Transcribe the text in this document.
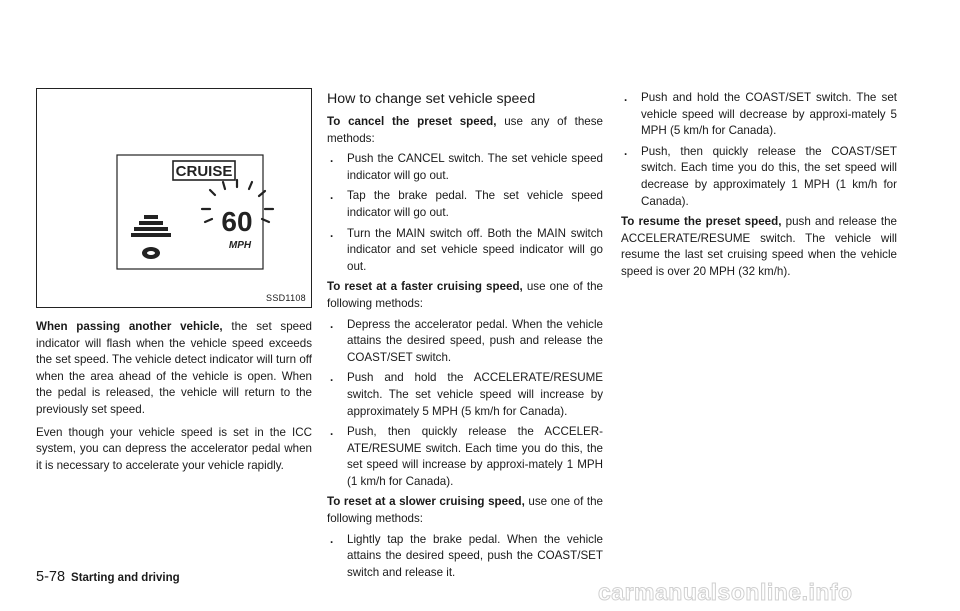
CRUISE
60
MPH
SSD1108

When passing another vehicle, the set speed indicator will flash when the vehicle speed exceeds the set speed. The vehicle detect indicator will turn off when the area ahead of the vehicle is open. When the pedal is released, the vehicle will return to the previously set speed.

Even though your vehicle speed is set in the ICC system, you can depress the accelerator pedal when it is necessary to accelerate your vehicle rapidly.

How to change set vehicle speed

To cancel the preset speed, use any of these methods:

. Push the CANCEL switch. The set vehicle speed indicator will go out.
. Tap the brake pedal. The set vehicle speed indicator will go out.
. Turn the MAIN switch off. Both the MAIN switch indicator and set vehicle speed indicator will go out.

To reset at a faster cruising speed, use one of the following methods:

. Depress the accelerator pedal. When the vehicle attains the desired speed, push and release the COAST/SET switch.
. Push and hold the ACCELERATE/RESUME switch. The set vehicle speed will increase by approximately 5 MPH (5 km/h for Canada).
. Push, then quickly release the ACCELER-ATE/RESUME switch. Each time you do this, the set speed will increase by approxi-mately 1 MPH (1 km/h for Canada).

To reset at a slower cruising speed, use one of the following methods:

. Lightly tap the brake pedal. When the vehicle attains the desired speed, push the COAST/SET switch and release it.
. Push and hold the COAST/SET switch. The set vehicle speed will decrease by approxi-mately 5 MPH (5 km/h for Canada).
. Push, then quickly release the COAST/SET switch. Each time you do this, the set speed will decrease by approximately 1 MPH (1 km/h for Canada).

To resume the preset speed, push and release the ACCELERATE/RESUME switch. The vehicle will resume the last set cruising speed when the vehicle speed is over 20 MPH (32 km/h).

5-78 Starting and driving
carmanualsonline.info
